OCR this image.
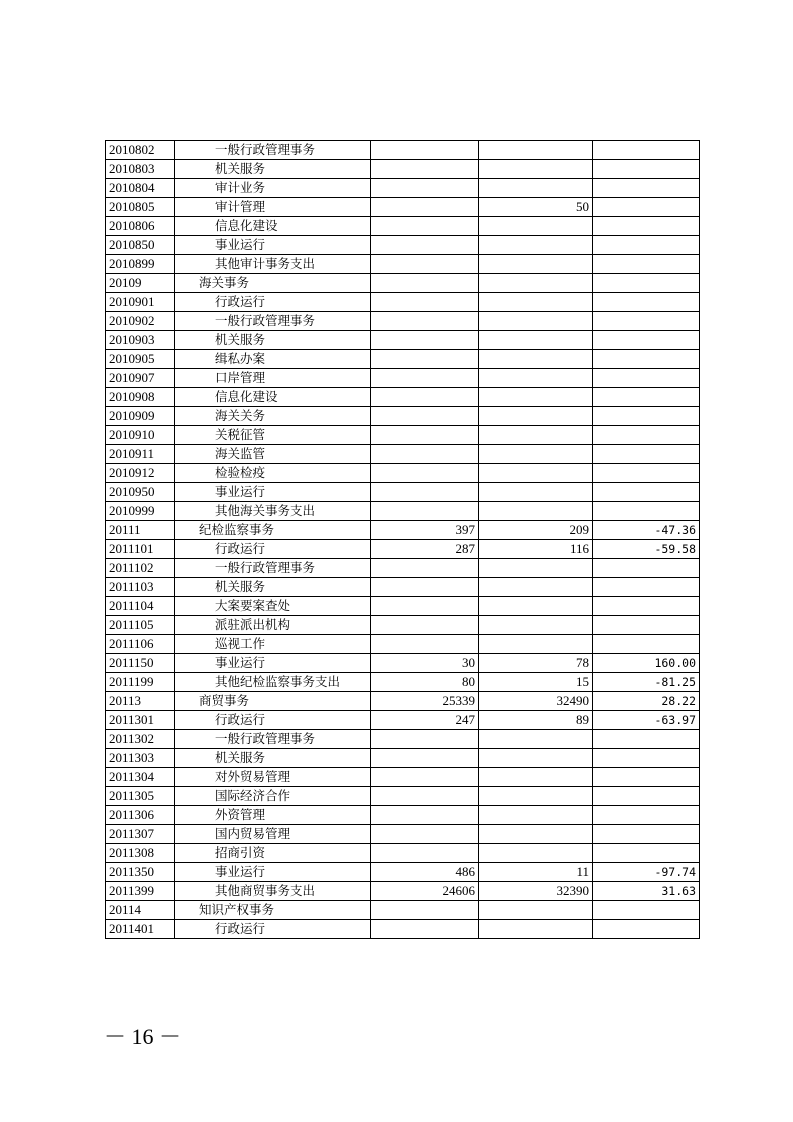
2010802	一般行政管理事务			
2010803	机关服务			
2010804	审计业务			
2010805	审计管理		50	
2010806	信息化建设			
2010850	事业运行			
2010899	其他审计事务支出			
20109	海关事务			
2010901	行政运行			
2010902	一般行政管理事务			
2010903	机关服务			
2010905	缉私办案			
2010907	口岸管理			
2010908	信息化建设			
2010909	海关关务			
2010910	关税征管			
2010911	海关监管			
2010912	检验检疫			
2010950	事业运行			
2010999	其他海关事务支出			
20111	纪检监察事务	397	209	-47.36
2011101	行政运行	287	116	-59.58
2011102	一般行政管理事务			
2011103	机关服务			
2011104	大案要案查处			
2011105	派驻派出机构			
2011106	巡视工作			
2011150	事业运行	30	78	160.00
2011199	其他纪检监察事务支出	80	15	-81.25
20113	商贸事务	25339	32490	28.22
2011301	行政运行	247	89	-63.97
2011302	一般行政管理事务			
2011303	机关服务			
2011304	对外贸易管理			
2011305	国际经济合作			
2011306	外资管理			
2011307	国内贸易管理			
2011308	招商引资			
2011350	事业运行	486	11	-97.74
2011399	其他商贸事务支出	24606	32390	31.63
20114	知识产权事务			
2011401	行政运行			
－ 16 －
